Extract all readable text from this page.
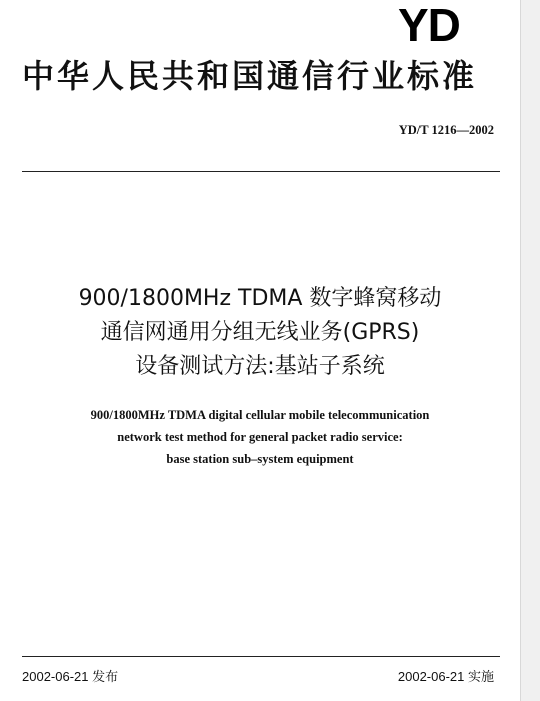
YD
中华人民共和国通信行业标准
YD/T 1216—2002
900/1800MHz TDMA 数字蜂窝移动
通信网通用分组无线业务(GPRS)
设备测试方法:基站子系统
900/1800MHz TDMA digital cellular mobile telecommunication
network test method for general packet radio service:
base station sub–system equipment
2002-06-21 发布	2002-06-21 实施
